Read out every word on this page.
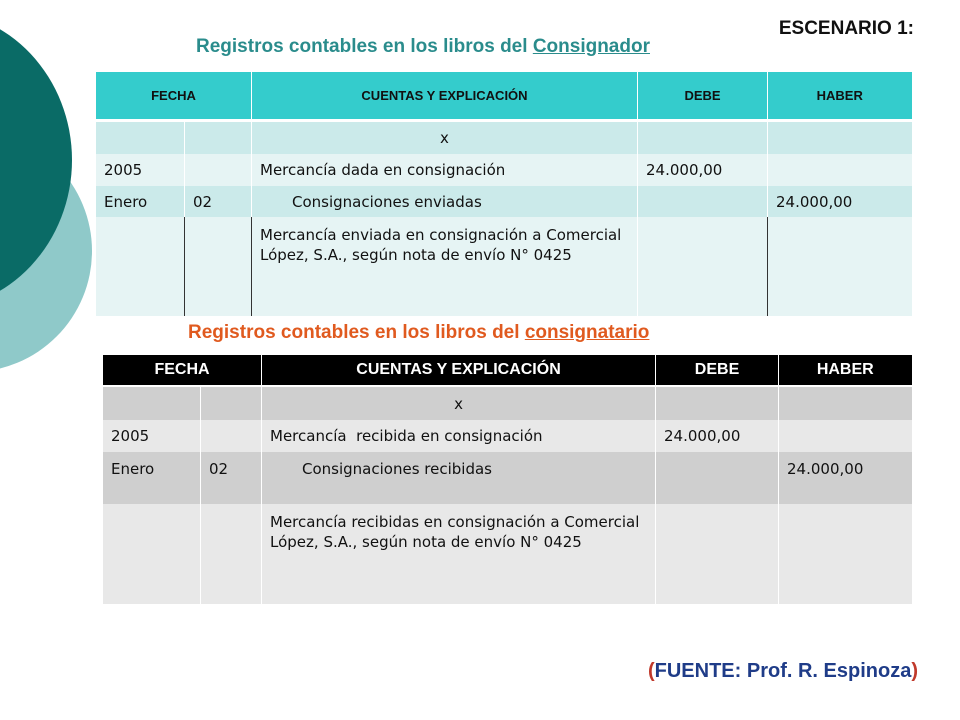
ESCENARIO 1:
Registros contables en los libros del Consignador
FECHA		CUENTAS Y EXPLICACIÓN	DEBE	HABER
		x		
2005		Mercancía dada en consignación	24.000,00	
Enero	02	Consignaciones enviadas		24.000,00
		Mercancía enviada en consignación a Comercial López, S.A., según nota de envío N° 0425		
Registros contables en los libros del consignatario
FECHA		CUENTAS Y EXPLICACIÓN	DEBE	HABER
		x		
2005		Mercancía  recibida en consignación	24.000,00	
Enero	02	Consignaciones recibidas		24.000,00
		Mercancía recibidas en consignación a Comercial López, S.A., según nota de envío N° 0425		
(FUENTE: Prof. R. Espinoza)
